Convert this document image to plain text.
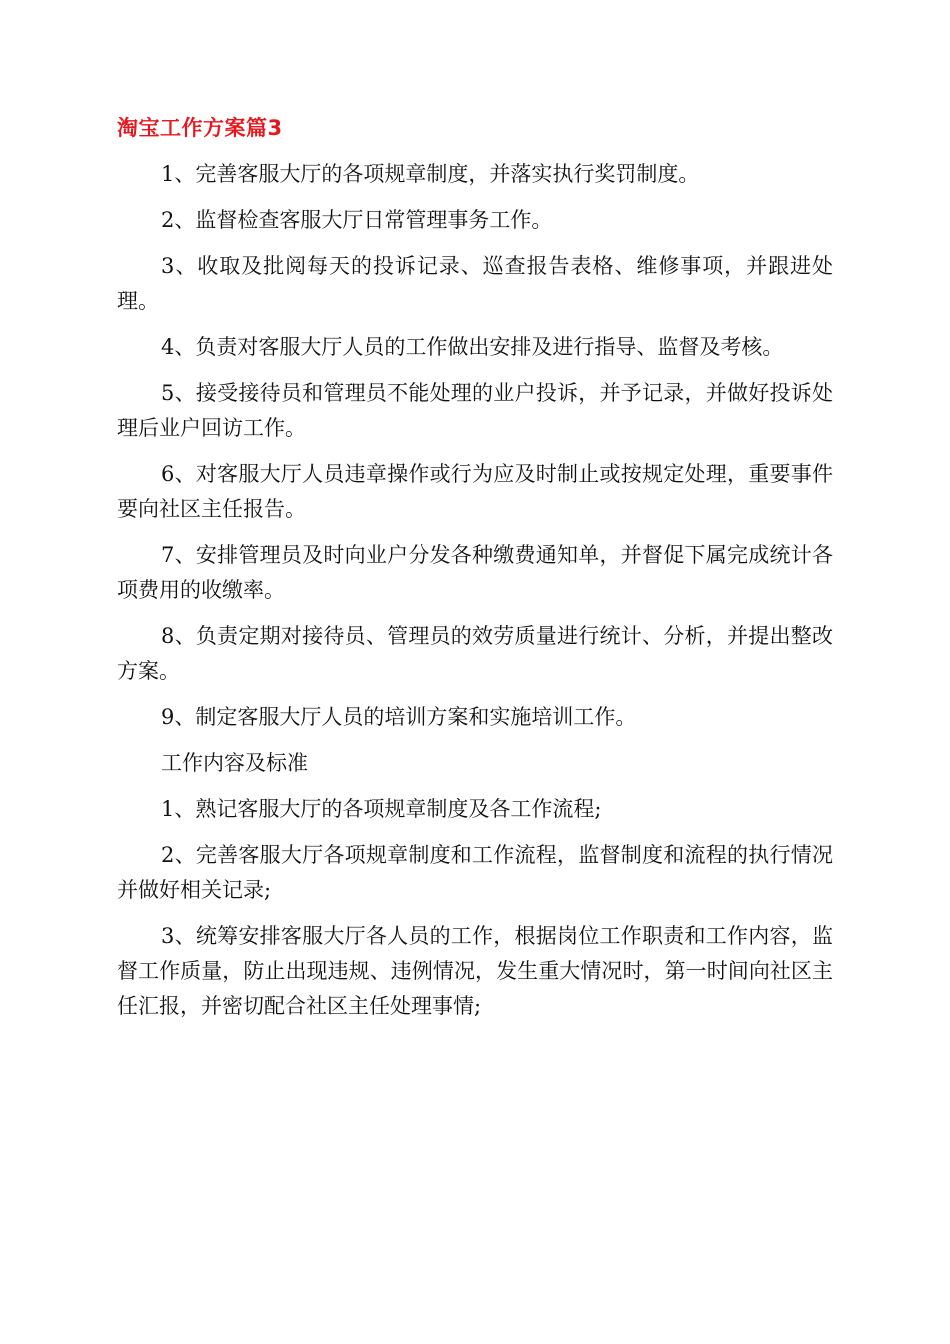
淘宝工作方案篇3

1、完善客服大厅的各项规章制度，并落实执行奖罚制度。

2、监督检查客服大厅日常管理事务工作。

3、收取及批阅每天的投诉记录、巡查报告表格、维修事项，并跟进处理。

4、负责对客服大厅人员的工作做出安排及进行指导、监督及考核。

5、接受接待员和管理员不能处理的业户投诉，并予记录，并做好投诉处理后业户回访工作。

6、对客服大厅人员违章操作或行为应及时制止或按规定处理，重要事件要向社区主任报告。

7、安排管理员及时向业户分发各种缴费通知单，并督促下属完成统计各项费用的收缴率。

8、负责定期对接待员、管理员的效劳质量进行统计、分析，并提出整改方案。

9、制定客服大厅人员的培训方案和实施培训工作。

工作内容及标准

1、熟记客服大厅的各项规章制度及各工作流程;

2、完善客服大厅各项规章制度和工作流程，监督制度和流程的执行情况并做好相关记录;

3、统筹安排客服大厅各人员的工作，根据岗位工作职责和工作内容，监督工作质量，防止出现违规、违例情况，发生重大情况时，第一时间向社区主任汇报，并密切配合社区主任处理事情;
